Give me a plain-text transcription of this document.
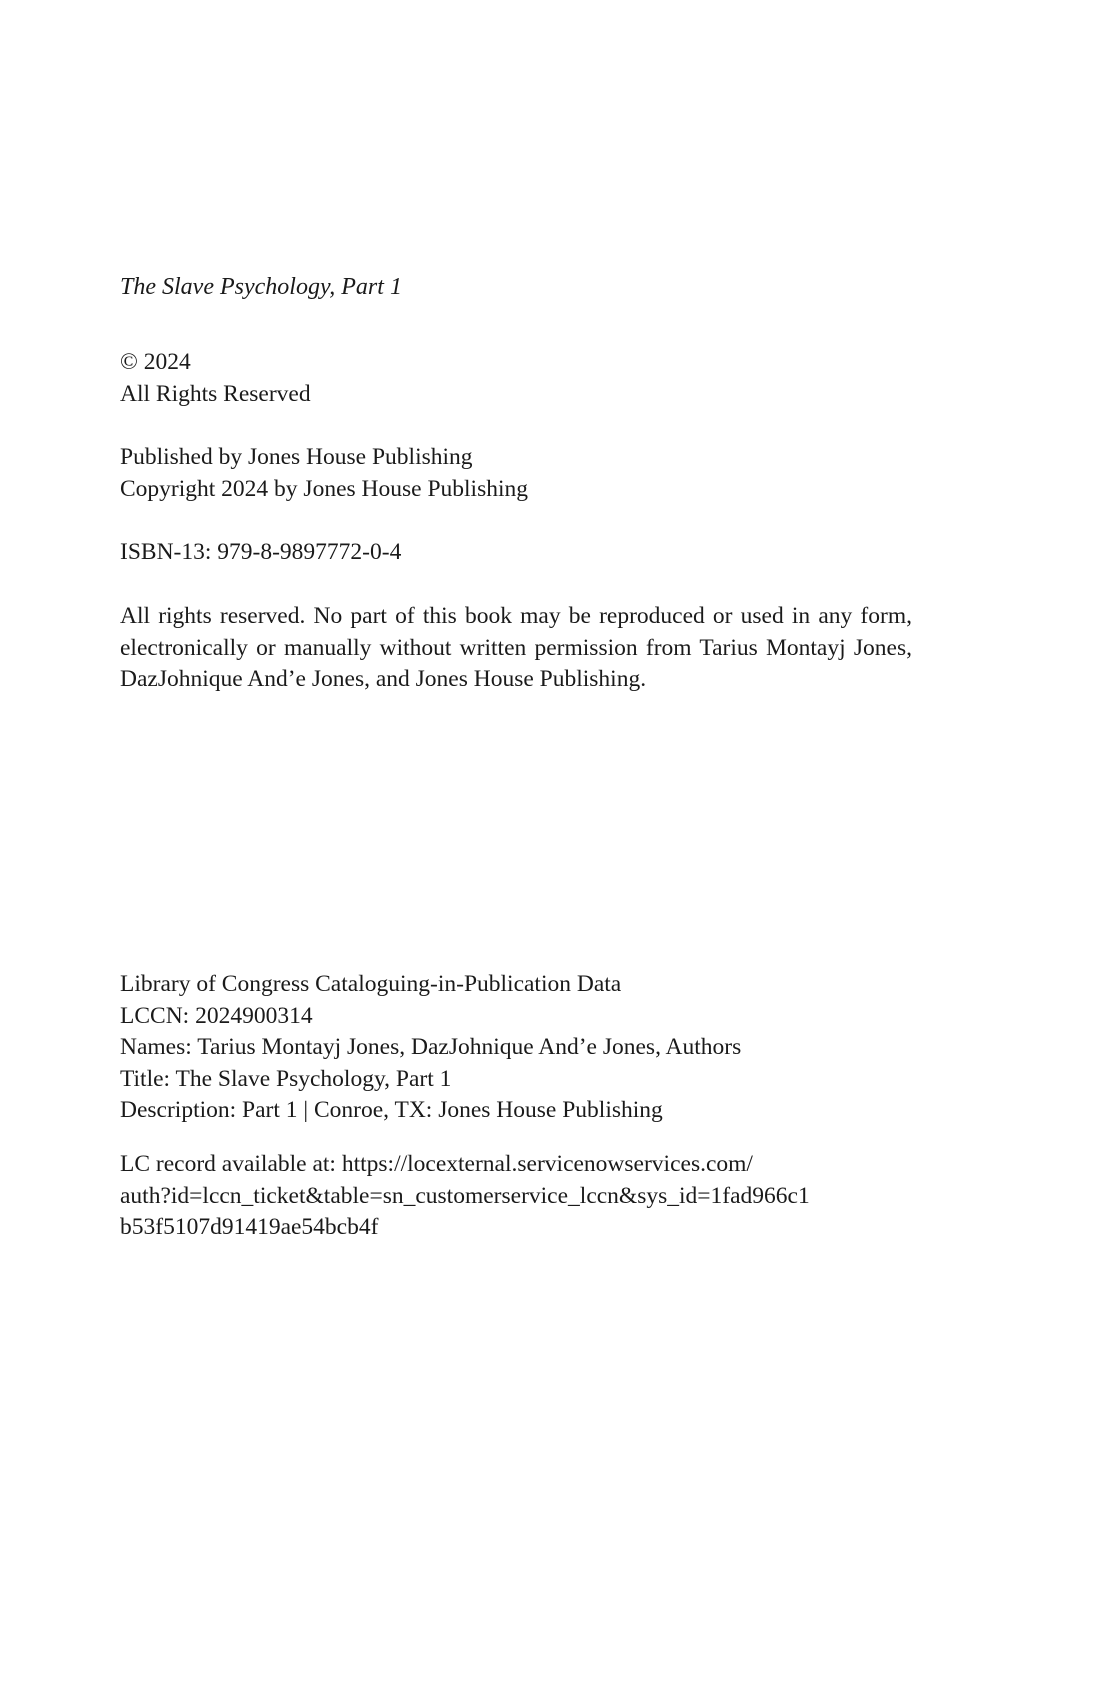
The Slave Psychology, Part 1
© 2024
All Rights Reserved
Published by Jones House Publishing
Copyright 2024 by Jones House Publishing
ISBN-13: 979-8-9897772-0-4
All rights reserved. No part of this book may be reproduced or used in any form, electronically or manually without written permission from Tarius Montayj Jones, DazJohnique And’e Jones, and Jones House Publishing.
Library of Congress Cataloguing-in-Publication Data
LCCN: 2024900314
Names: Tarius Montayj Jones, DazJohnique And’e Jones, Authors
Title: The Slave Psychology, Part 1
Description: Part 1 | Conroe, TX: Jones House Publishing
LC record available at: https://locexternal.servicenowservices.com/
auth?id=lccn_ticket&table=sn_customerservice_lccn&sys_id=1fad966c1
b53f5107d91419ae54bcb4f
